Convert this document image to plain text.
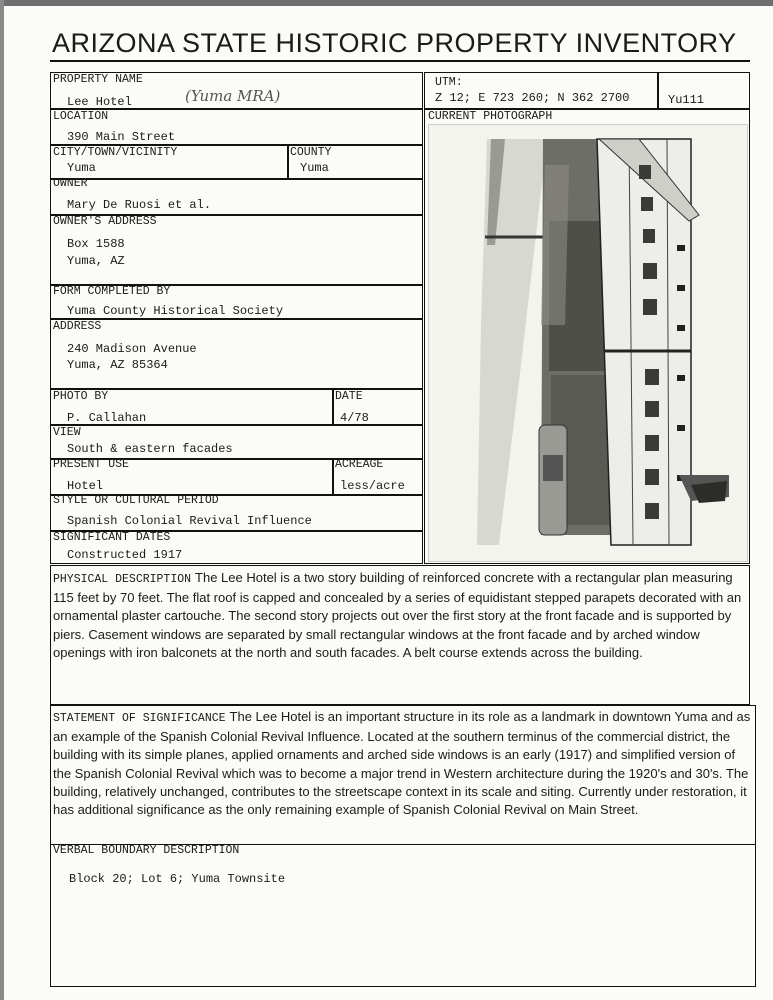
ARIZONA STATE HISTORIC PROPERTY INVENTORY
PROPERTY NAME
Lee Hotel	(Yuma MRA)
LOCATION
390 Main Street
CITY/TOWN/VICINITY
Yuma
COUNTY
Yuma
OWNER
Mary De Ruosi et al.
OWNER'S ADDRESS
Box 1588
Yuma, AZ
FORM COMPLETED BY
Yuma County Historical Society
ADDRESS
240 Madison Avenue
Yuma, AZ 85364
PHOTO BY
P. Callahan
DATE
4/78
VIEW
South & eastern facades
PRESENT USE
Hotel
ACREAGE
less/acre
STYLE OR CULTURAL PERIOD
Spanish Colonial Revival Influence
SIGNIFICANT DATES
Constructed 1917
UTM:
Z 12; E 723 260; N 362 2700	Yu111
CURRENT PHOTOGRAPH
PHYSICAL DESCRIPTION The Lee Hotel is a two story building of reinforced concrete with a rectangular plan measuring 115 feet by 70 feet. The flat roof is capped and concealed by a series of equidistant stepped parapets decorated with an ornamental plaster cartouche. The second story projects out over the first story at the front facade and is supported by piers. Casement windows are separated by small rectangular windows at the front facade and by arched window openings with iron balconets at the north and south facades. A belt course extends across the building.
STATEMENT OF SIGNIFICANCE The Lee Hotel is an important structure in its role as a landmark in downtown Yuma and as an example of the Spanish Colonial Revival Influence. Located at the southern terminus of the commercial district, the building with its simple planes, applied ornaments and arched side windows is an early (1917) and simplified version of the Spanish Colonial Revival which was to become a major trend in Western architecture during the 1920's and 30's. The building, relatively unchanged, contributes to the streetscape context in its scale and siting. Currently under restoration, it has additional significance as the only remaining example of Spanish Colonial Revival on Main Street.
VERBAL BOUNDARY DESCRIPTION
Block 20; Lot 6; Yuma Townsite
